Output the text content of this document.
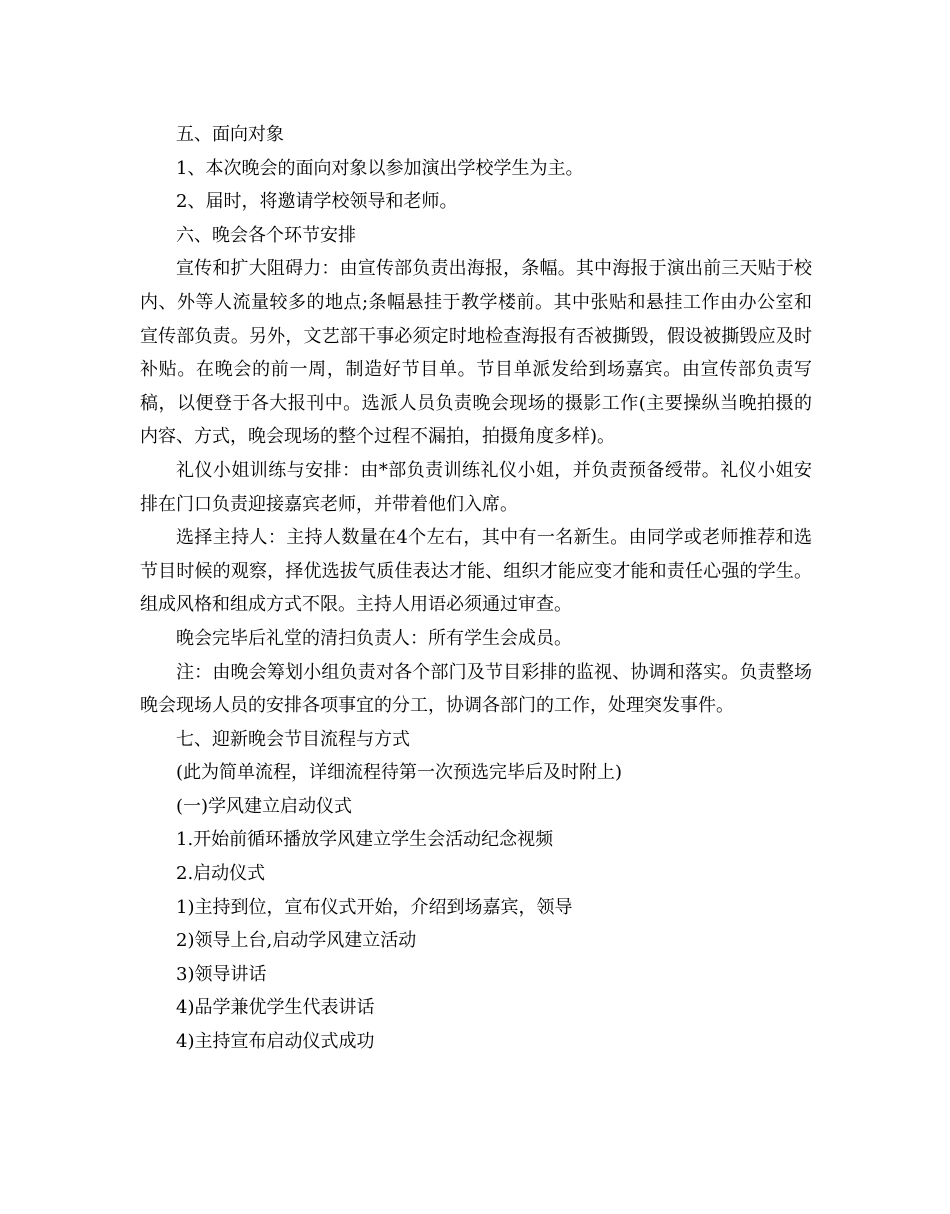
五、面向对象

1、本次晚会的面向对象以参加演出学校学生为主。

2、届时，将邀请学校领导和老师。

六、晚会各个环节安排

宣传和扩大阻碍力：由宣传部负责出海报，条幅。其中海报于演出前三天贴于校内、外等人流量较多的地点;条幅悬挂于教学楼前。其中张贴和悬挂工作由办公室和宣传部负责。另外，文艺部干事必须定时地检查海报有否被撕毁，假设被撕毁应及时补贴。在晚会的前一周，制造好节目单。节目单派发给到场嘉宾。由宣传部负责写稿，以便登于各大报刊中。选派人员负责晚会现场的摄影工作(主要操纵当晚拍摄的内容、方式，晚会现场的整个过程不漏拍，拍摄角度多样)。

礼仪小姐训练与安排：由*部负责训练礼仪小姐，并负责预备绶带。礼仪小姐安排在门口负责迎接嘉宾老师，并带着他们入席。

选择主持人：主持人数量在4个左右，其中有一名新生。由同学或老师推荐和选节目时候的观察，择优选拔气质佳表达才能、组织才能应变才能和责任心强的学生。组成风格和组成方式不限。主持人用语必须通过审查。

晚会完毕后礼堂的清扫负责人：所有学生会成员。

注：由晚会筹划小组负责对各个部门及节目彩排的监视、协调和落实。负责整场晚会现场人员的安排各项事宜的分工，协调各部门的工作，处理突发事件。

七、迎新晚会节目流程与方式

(此为简单流程，详细流程待第一次预选完毕后及时附上)

(一)学风建立启动仪式

1.开始前循环播放学风建立学生会活动纪念视频

2.启动仪式

1)主持到位，宣布仪式开始，介绍到场嘉宾，领导

2)领导上台,启动学风建立活动

3)领导讲话

4)品学兼优学生代表讲话

4)主持宣布启动仪式成功
